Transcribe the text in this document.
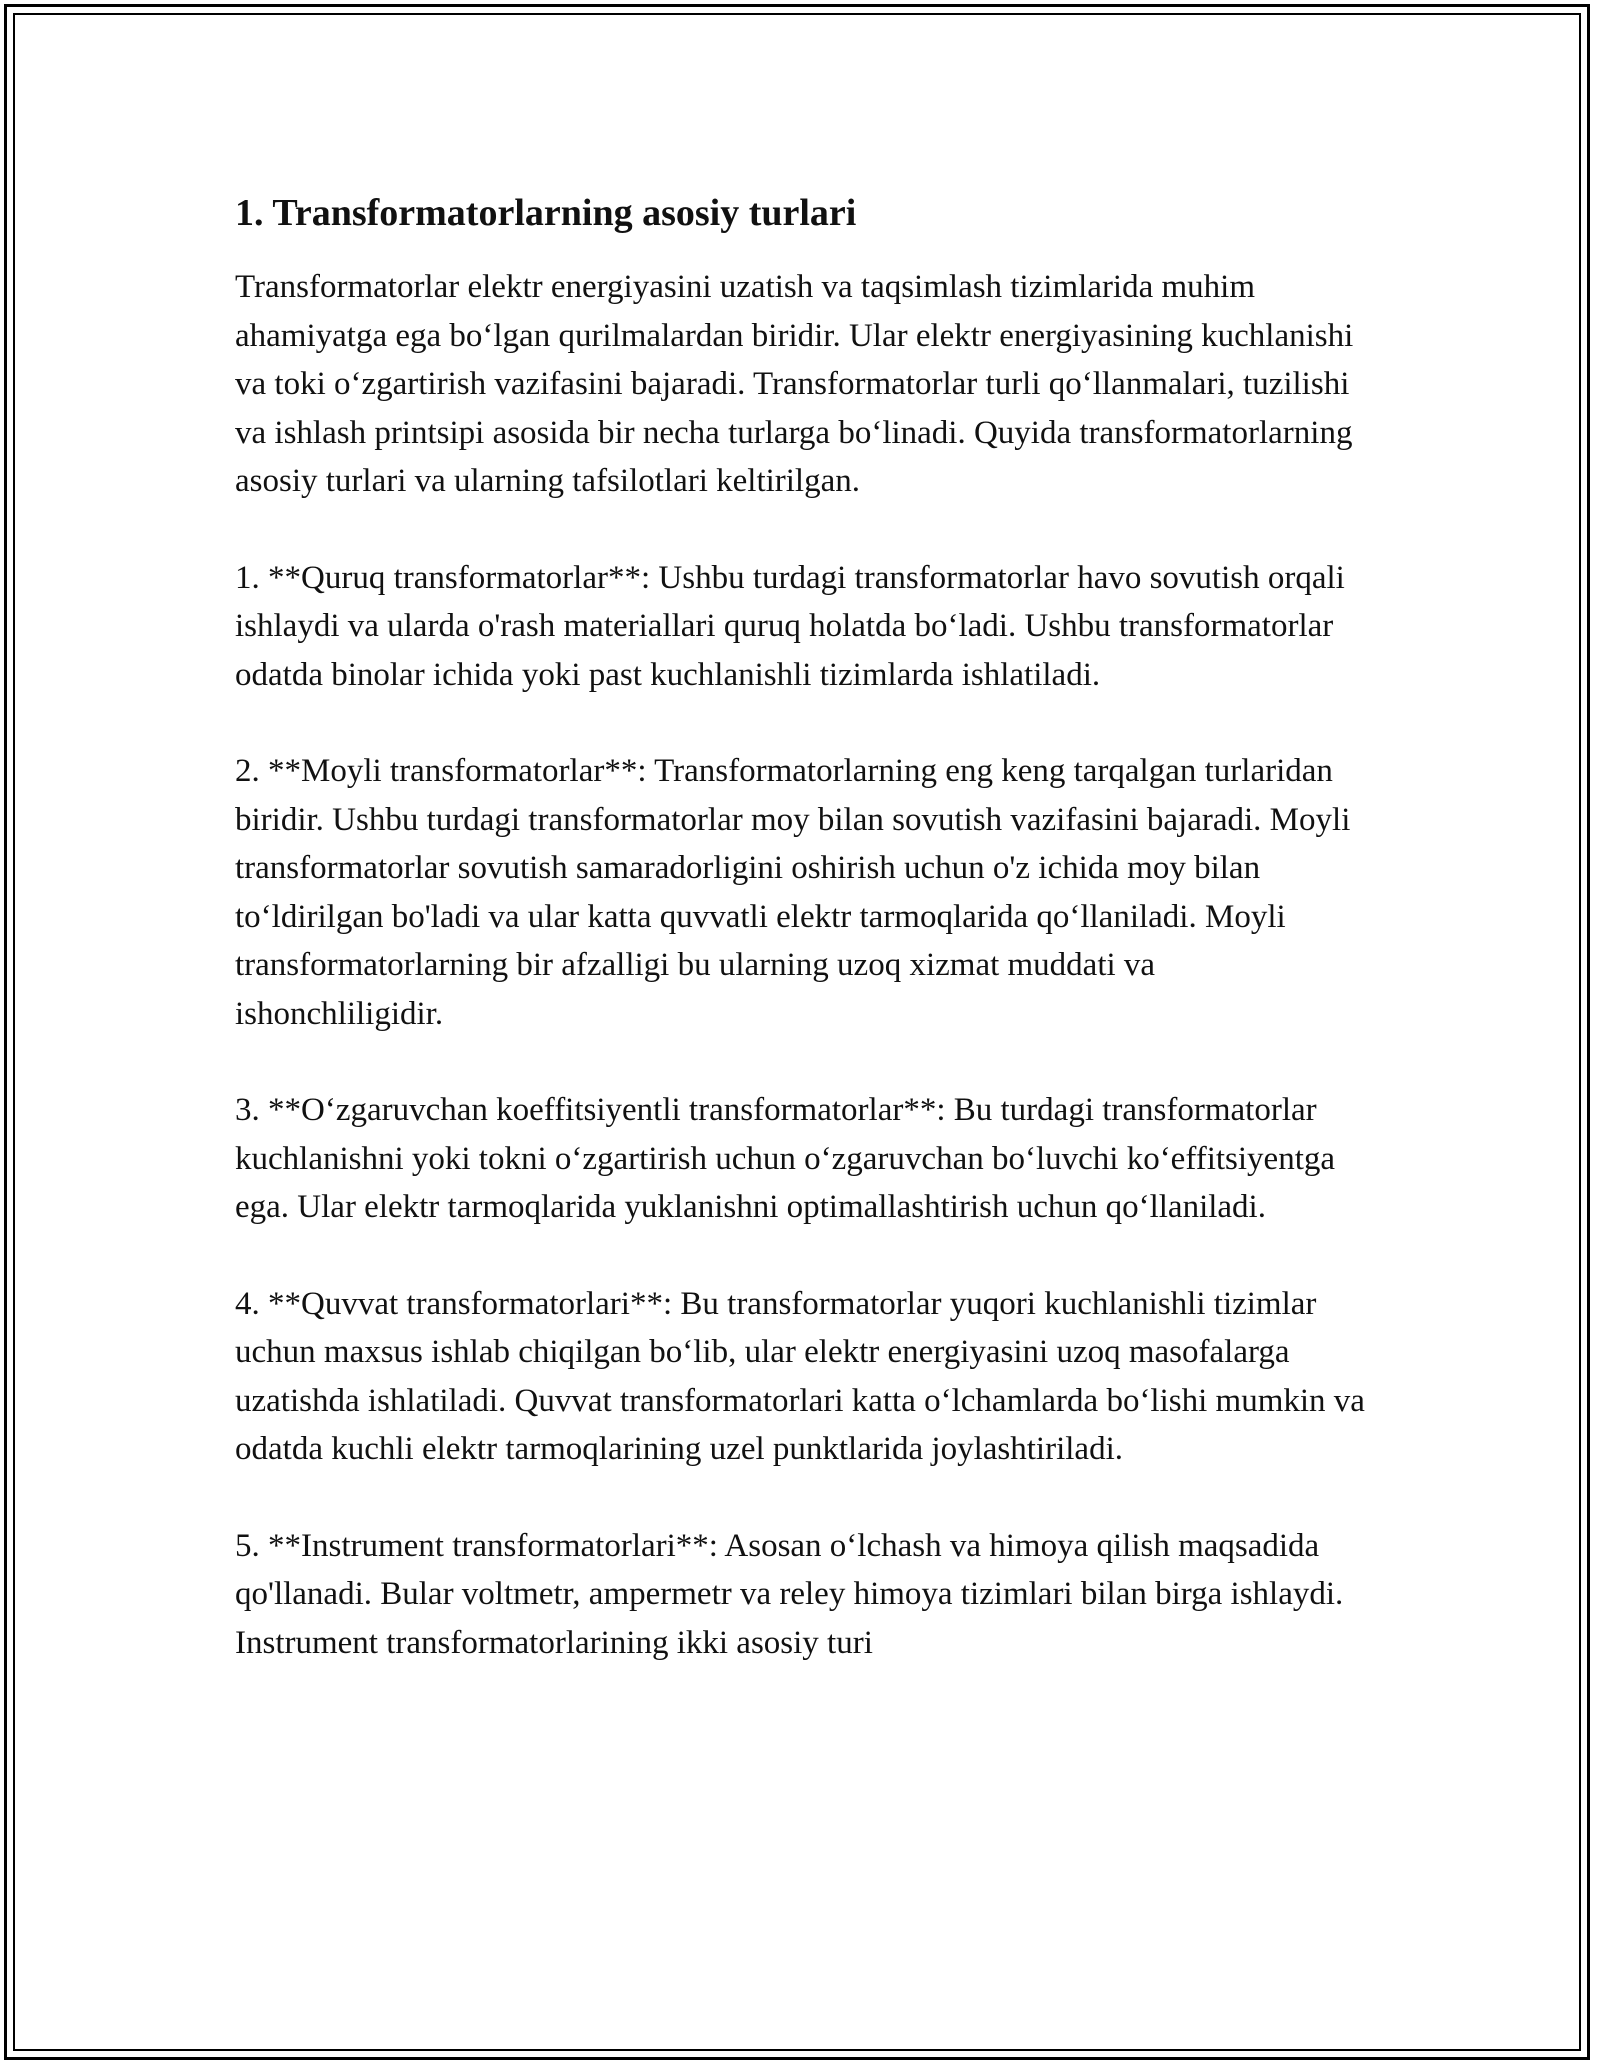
1. Transformatorlarning asosiy turlari

Transformatorlar elektr energiyasini uzatish va taqsimlash tizimlarida muhim ahamiyatga ega bo‘lgan qurilmalardan biridir. Ular elektr energiyasining kuchlanishi va toki o‘zgartirish vazifasini bajaradi. Transformatorlar turli qo‘llanmalari, tuzilishi va ishlash printsipi asosida bir necha turlarga bo‘linadi. Quyida transformatorlarning asosiy turlari va ularning tafsilotlari keltirilgan.

1. **Quruq transformatorlar**: Ushbu turdagi transformatorlar havo sovutish orqali ishlaydi va ularda o'rash materiallari quruq holatda bo‘ladi. Ushbu transformatorlar odatda binolar ichida yoki past kuchlanishli tizimlarda ishlatiladi.

2. **Moyli transformatorlar**: Transformatorlarning eng keng tarqalgan turlaridan biridir. Ushbu turdagi transformatorlar moy bilan sovutish vazifasini bajaradi. Moyli transformatorlar sovutish samaradorligini oshirish uchun o'z ichida moy bilan to‘ldirilgan bo'ladi va ular katta quvvatli elektr tarmoqlarida qo‘llaniladi. Moyli transformatorlarning bir afzalligi bu ularning uzoq xizmat muddati va ishonchliligidir.

3. **O‘zgaruvchan koeffitsiyentli transformatorlar**: Bu turdagi transformatorlar kuchlanishni yoki tokni o‘zgartirish uchun o‘zgaruvchan bo‘luvchi ko‘effitsiyentga ega. Ular elektr tarmoqlarida yuklanishni optimallashtirish uchun qo‘llaniladi.

4. **Quvvat transformatorlari**: Bu transformatorlar yuqori kuchlanishli tizimlar uchun maxsus ishlab chiqilgan bo‘lib, ular elektr energiyasini uzoq masofalarga uzatishda ishlatiladi. Quvvat transformatorlari katta o‘lchamlarda bo‘lishi mumkin va odatda kuchli elektr tarmoqlarining uzel punktlarida joylashtiriladi.

5. **Instrument transformatorlari**: Asosan o‘lchash va himoya qilish maqsadida qo'llanadi. Bular voltmetr, ampermetr va reley himoya tizimlari bilan birga ishlaydi. Instrument transformatorlarining ikki asosiy turi
